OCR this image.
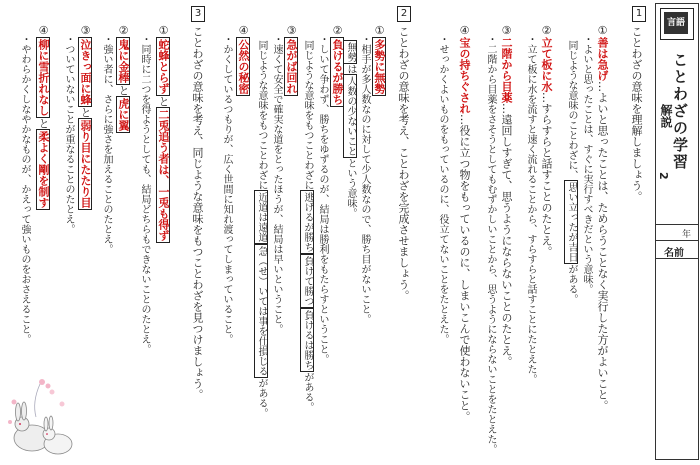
言語
ことわざの学習
2
解説
年
名前
1
ことわざの意味を理解しましょう。
①善は急げ…よいと思ったことは、ためらうことなく実行した方がよいこと。
・よいと思ったことは、すぐに実行すべきだという意味。
同じような意味のことわざに、思い立ったが吉日がある。
②立て板に水…すらすらと話すことのたとえ。
・立て板に水を流すと速く流れることから、すらすらと話すことにたとえた。
③二階から目薬…遠回しすぎて、思うようにならないことのたとえ。
・二階から目薬をさそうとしてもむずかしいことから、思うようにならないことをたとえた。
④宝の持ちぐされ…役に立つ物をもっているのに、しまいこんで使わないこと。
・せっかくよいものをもっているのに、役立てないことをたとえた。
2
ことわざの意味を考え、ことわざを完成させましょう。
①多勢に無勢
・相手が多人数なのに対して少人数なので、勝ち目がないこと。
無勢は人数の少ないことという意味。
②負けるが勝ち
・しいて争わず、勝ちをゆずるのが、結局は勝利をもたらすということ。
同じような意味をもつことわざに逃げるが勝ち負けて勝つ負けるは勝ちがある。
③急がば回れ
・速くて安全で確実な道をとったほうが、結局は早いということ。
同じような意味をもつことわざに近道は遠道急（せ）いては事を仕損じるがある。
④公然の秘密
・かくしているつもりが、広く世間に知れ渡ってしまっていること。
3
ことわざの意味を考え、同じような意味をもつことわざを見つけましょう。
①蛇蜂とらずと二兎追う者は、一兎も得ず
・同時に二つを得ようとしても、結局どちらもできないことのたとえ。
②鬼に金棒と虎に翼
・強い者に、さらに強さを加えることのたとえ。
③泣きっ面に蜂と弱り目にたたり目
・ついていないことが重なることのたとえ。
④柳に雪折れなしと柔よく剛を制す
・やわらかくしなやかなものが、かえって強いものをおさえること。
